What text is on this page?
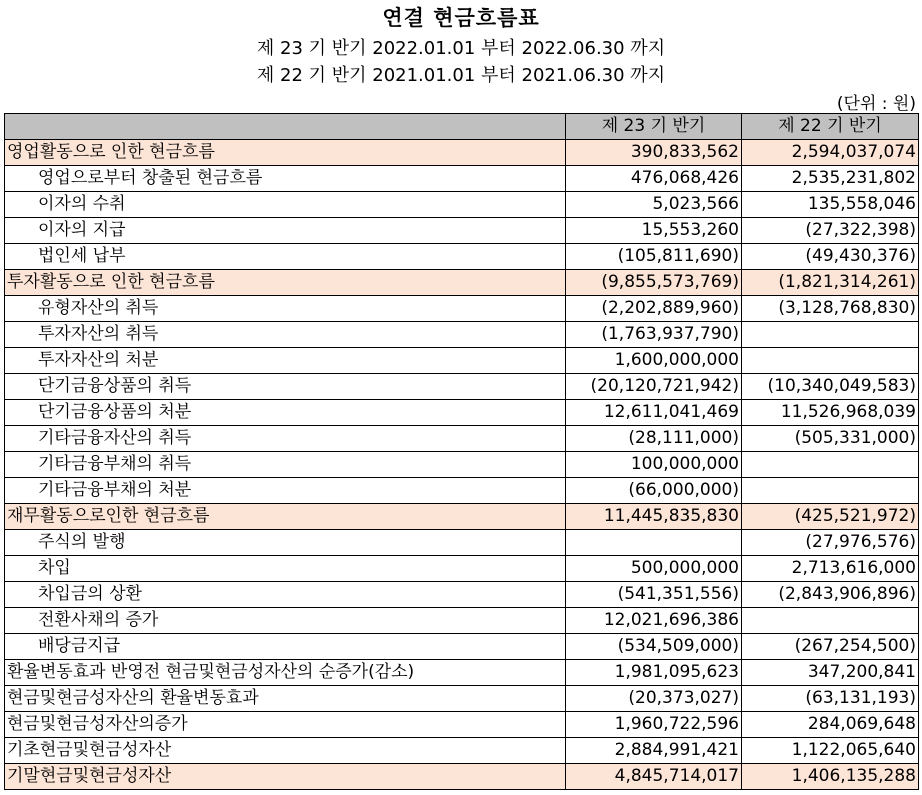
연결 현금흐름표
제 23 기 반기 2022.01.01 부터 2022.06.30 까지
제 22 기 반기 2021.01.01 부터 2021.06.30 까지
(단위 : 원)
	제 23 기 반기	제 22 기 반기
영업활동으로 인한 현금흐름	390,833,562	2,594,037,074
영업으로부터 창출된 현금흐름	476,068,426	2,535,231,802
이자의 수취	5,023,566	135,558,046
이자의 지급	15,553,260	(27,322,398)
법인세 납부	(105,811,690)	(49,430,376)
투자활동으로 인한 현금흐름	(9,855,573,769)	(1,821,314,261)
유형자산의 취득	(2,202,889,960)	(3,128,768,830)
투자자산의 취득	(1,763,937,790)	
투자자산의 처분	1,600,000,000	
단기금융상품의 취득	(20,120,721,942)	(10,340,049,583)
단기금융상품의 처분	12,611,041,469	11,526,968,039
기타금융자산의 취득	(28,111,000)	(505,331,000)
기타금융부채의 취득	100,000,000	
기타금융부채의 처분	(66,000,000)	
재무활동으로인한 현금흐름	11,445,835,830	(425,521,972)
주식의 발행		(27,976,576)
차입	500,000,000	2,713,616,000
차입금의 상환	(541,351,556)	(2,843,906,896)
전환사채의 증가	12,021,696,386	
배당금지급	(534,509,000)	(267,254,500)
환율변동효과 반영전 현금및현금성자산의 순증가(감소)	1,981,095,623	347,200,841
현금및현금성자산의 환율변동효과	(20,373,027)	(63,131,193)
현금및현금성자산의증가	1,960,722,596	284,069,648
기초현금및현금성자산	2,884,991,421	1,122,065,640
기말현금및현금성자산	4,845,714,017	1,406,135,288
